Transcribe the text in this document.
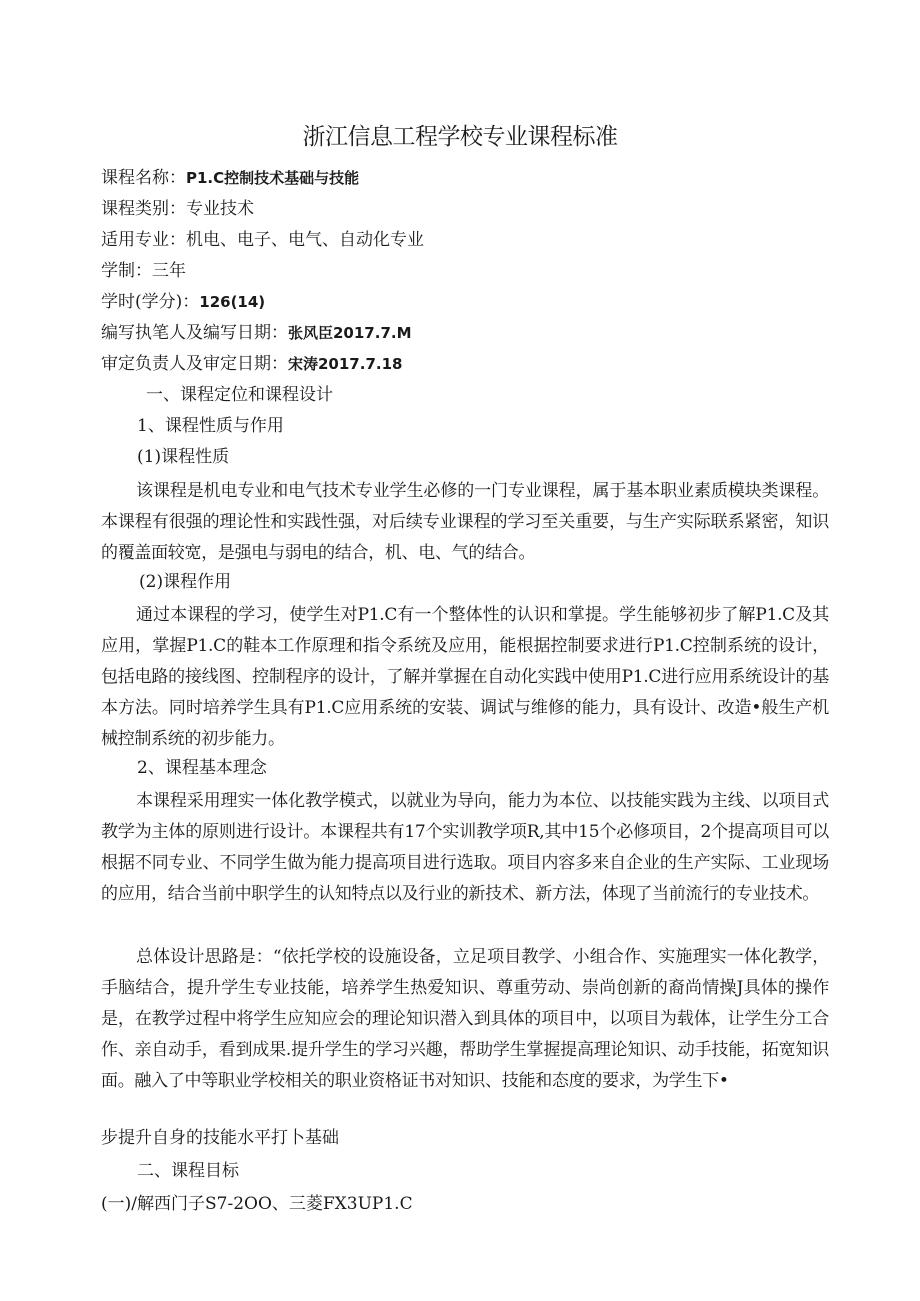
浙江信息工程学校专业课程标准
课程名称：P1.C控制技术基础与技能
课程类别：专业技术
适用专业：机电、电子、电气、自动化专业
学制：三年
学时(学分)：126(14)
编写执笔人及编写日期：张风臣2017.7.M
审定负责人及审定日期：宋涛2017.7.18
一、课程定位和课程设计
1、课程性质与作用
(1)课程性质
该课程是机电专业和电气技术专业学生必修的一门专业课程，属于基本职业素质模块类课程。本课程有很强的理论性和实践性强，对后续专业课程的学习至关重要，与生产实际联系紧密，知识的覆盖面较宽，是强电与弱电的结合，机、电、气的结合。
(2)课程作用
通过本课程的学习，使学生对P1.C有一个整体性的认识和掌提。学生能够初步了解P1.C及其应用，掌握P1.C的鞋本工作原理和指令系统及应用，能根据控制要求进行P1.C控制系统的设计，包括电路的接线图、控制程序的设计，了解并掌握在自动化实践中使用P1.C进行应用系统设计的基本方法。同时培养学生具有P1.C应用系统的安装、调试与维修的能力，具有设计、改造•般生产机械控制系统的初步能力。
2、课程基本理念
本课程采用理实一体化教学模式，以就业为导向，能力为本位、以技能实践为主线、以项目式教学为主体的原则进行设计。本课程共有17个实训教学项R,其中15个必修项目，2个提高项目可以根据不同专业、不同学生做为能力提高项目进行选取。项目内容多来自企业的生产实际、工业现场的应用，结合当前中职学生的认知特点以及行业的新技术、新方法，体现了当前流行的专业技术。
总体设计思路是：“依托学校的设施设备，立足项目教学、小组合作、实施理实一体化教学，手脑结合，提升学生专业技能，培养学生热爱知识、尊重劳动、崇尚创新的裔尚情操J具体的操作是，在教学过程中将学生应知应会的理论知识潜入到具体的项目中，以项目为载体，让学生分工合作、亲自动手，看到成果.提升学生的学习兴趣，帮助学生掌握提高理论知识、动手技能，拓宽知识面。融入了中等职业学校相关的职业资格证书对知识、技能和态度的要求，为学生下•
步提升自身的技能水平打卜基础
二、课程目标
(一)/解西门子S7-2OO、三菱FX3UP1.C
